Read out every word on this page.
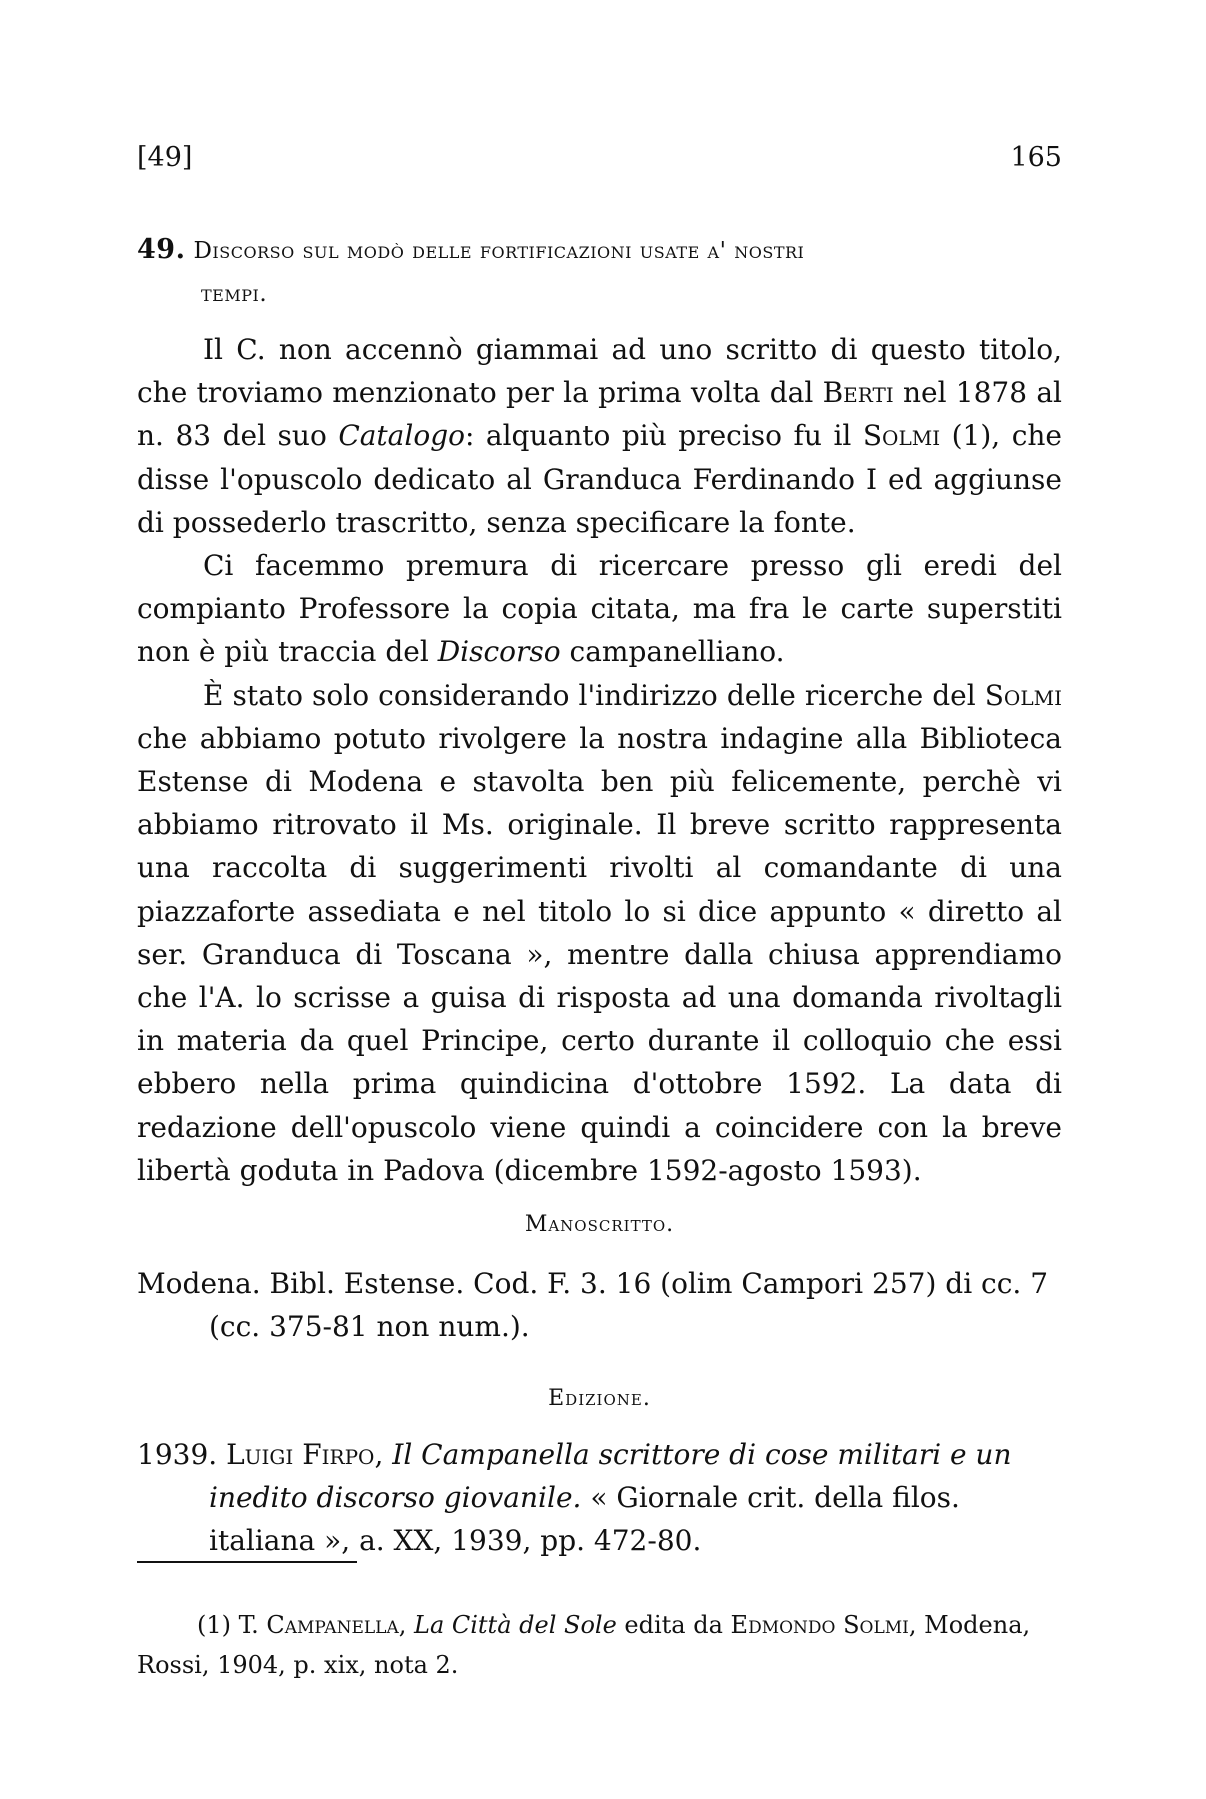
[49]	165
49. Discorso sul modò delle fortificazioni usate a' nostri
tempi.

Il C. non accennò giammai ad uno scritto di questo titolo, che troviamo menzionato per la prima volta dal Berti nel 1878 al n. 83 del suo Catalogo: alquanto più preciso fu il Solmi (1), che disse l'opuscolo dedicato al Granduca Ferdinando I ed aggiunse di possederlo trascritto, senza specificare la fonte.

Ci facemmo premura di ricercare presso gli eredi del compianto Professore la copia citata, ma fra le carte superstiti non è più traccia del Discorso campanelliano.

È stato solo considerando l'indirizzo delle ricerche del Solmi che abbiamo potuto rivolgere la nostra indagine alla Biblioteca Estense di Modena e stavolta ben più felicemente, perchè vi abbiamo ritrovato il Ms. originale. Il breve scritto rappresenta una raccolta di suggerimenti rivolti al comandante di una piazzaforte assediata e nel titolo lo si dice appunto « diretto al ser. Granduca di Toscana », mentre dalla chiusa apprendiamo che l'A. lo scrisse a guisa di risposta ad una domanda rivoltagli in materia da quel Principe, certo durante il colloquio che essi ebbero nella prima quindicina d'ottobre 1592. La data di redazione dell'opuscolo viene quindi a coincidere con la breve libertà goduta in Padova (dicembre 1592-agosto 1593).

Manoscritto.
Modena. Bibl. Estense. Cod. F. 3. 16 (olim Campori 257) di cc. 7 (cc. 375-81 non num.).
Edizione.
1939. Luigi Firpo, Il Campanella scrittore di cose militari e un inedito discorso giovanile. « Giornale crit. della filos. italiana », a. XX, 1939, pp. 472-80.
(1) T. Campanella, La Città del Sole edita da Edmondo Solmi, Modena, Rossi, 1904, p. xix, nota 2.
